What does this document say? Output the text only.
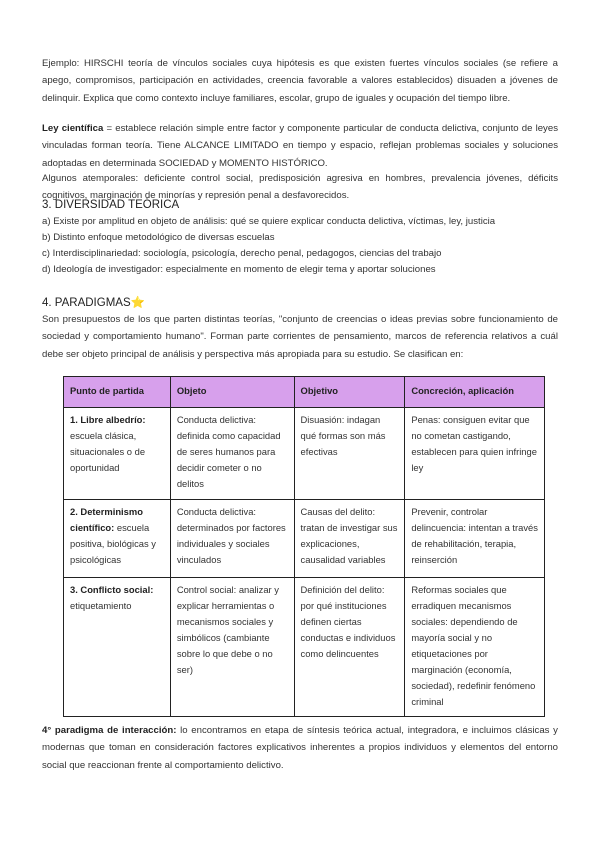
Ejemplo: HIRSCHI teoría de vínculos sociales cuya hipótesis es que existen fuertes vínculos sociales (se refiere a apego, compromisos, participación en actividades, creencia favorable a valores establecidos) disuaden a jóvenes de delinquir. Explica que como contexto incluye familiares, escolar, grupo de iguales y ocupación del tiempo libre.

Ley científica = establece relación simple entre factor y componente particular de conducta delictiva, conjunto de leyes vinculadas forman teoría. Tiene ALCANCE LIMITADO en tiempo y espacio, reflejan problemas sociales y soluciones adoptadas en determinada SOCIEDAD y MOMENTO HISTÓRICO.

Algunos atemporales: deficiente control social, predisposición agresiva en hombres, prevalencia jóvenes, déficits cognitivos, marginación de minorías y represión penal a desfavorecidos.

3. DIVERSIDAD TEÓRICA

a) Existe por amplitud en objeto de análisis: qué se quiere explicar conducta delictiva, víctimas, ley, justicia

b) Distinto enfoque metodológico de diversas escuelas

c) Interdisciplinariedad: sociología, psicología, derecho penal, pedagogos, ciencias del trabajo

d) Ideología de investigador: especialmente en momento de elegir tema y aportar soluciones

4. PARADIGMAS⭐

Son presupuestos de los que parten distintas teorías, "conjunto de creencias o ideas previas sobre funcionamiento de sociedad y comportamiento humano". Forman parte corrientes de pensamiento, marcos de referencia relativos a cuál debe ser objeto principal de análisis y perspectiva más apropiada para su estudio. Se clasifican en:

Punto de partida	Objeto	Objetivo	Concreción, aplicación
1. Libre albedrío: escuela clásica, situacionales o de oportunidad	Conducta delictiva: definida como capacidad de seres humanos para decidir cometer o no delitos	Disuasión: indagan qué formas son más efectivas	Penas: consiguen evitar que no cometan castigando, establecen para quien infringe ley
2. Determinismo científico: escuela positiva, biológicas y psicológicas	Conducta delictiva: determinados por factores individuales y sociales vinculados	Causas del delito: tratan de investigar sus explicaciones, causalidad variables	Prevenir, controlar delincuencia: intentan a través de rehabilitación, terapia, reinserción
3. Conflicto social: etiquetamiento	Control social: analizar y explicar herramientas o mecanismos sociales y simbólicos (cambiante sobre lo que debe o no ser)	Definición del delito: por qué instituciones definen ciertas conductas e individuos como delincuentes	Reformas sociales que erradiquen mecanismos sociales: dependiendo de mayoría social y no etiquetaciones por marginación (economía, sociedad), redefinir fenómeno criminal

4° paradigma de interacción: lo encontramos en etapa de síntesis teórica actual, integradora, e incluimos clásicas y modernas que toman en consideración factores explicativos inherentes a propios individuos y elementos del entorno social que reaccionan frente al comportamiento delictivo.
